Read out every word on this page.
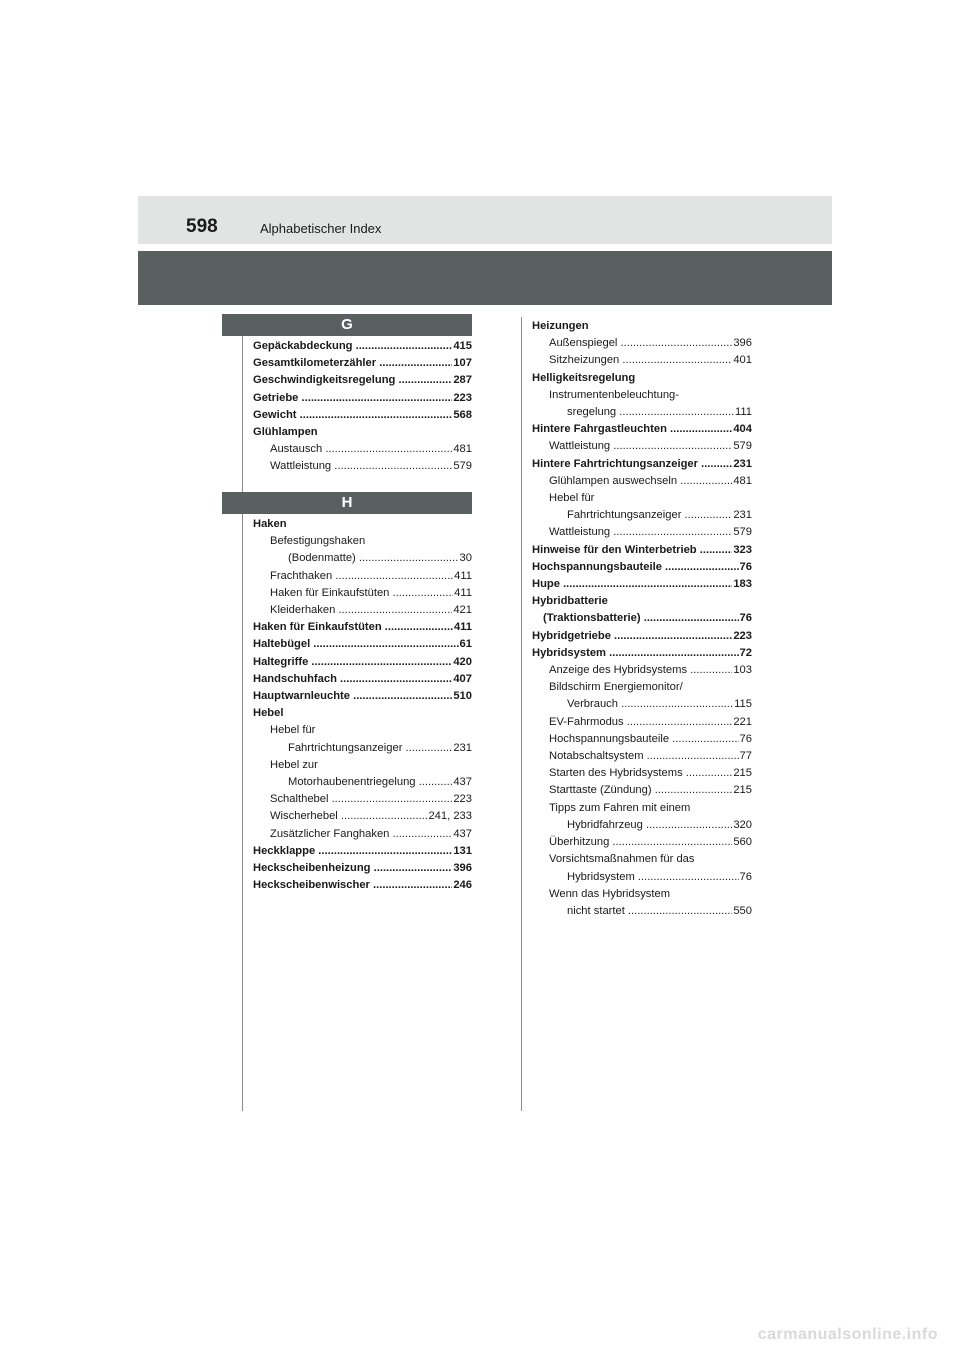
598	Alphabetischer Index
G
Gepäckabdeckung .....	415
Gesamtkilometerzähler .....	107
Geschwindigkeitsregelung .....	287
Getriebe .....	223
Gewicht .....	568
Glühlampen
Austausch .....	481
Wattleistung .....	579
H
Haken
Befestigungshaken
(Bodenmatte) .....	30
Frachthaken .....	411
Haken für Einkaufstüten .....	411
Kleiderhaken .....	421
Haken für Einkaufstüten .....	411
Haltebügel .....	61
Haltegriffe .....	420
Handschuhfach .....	407
Hauptwarnleuchte .....	510
Hebel
Hebel für
Fahrtrichtungsanzeiger .....	231
Hebel zur
Motorhaubenentriegelung .....	437
Schalthebel .....	223
Wischerhebel .....	241, 233
Zusätzlicher Fanghaken .....	437
Heckklappe .....	131
Heckscheibenheizung .....	396
Heckscheibenwischer .....	246
Heizungen
Außenspiegel .....	396
Sitzheizungen .....	401
Helligkeitsregelung
Instrumentenbeleuchtung-
sregelung .....	111
Hintere Fahrgastleuchten .....	404
Wattleistung .....	579
Hintere Fahrtrichtungsanzeiger .....	231
Glühlampen auswechseln .....	481
Hebel für
Fahrtrichtungsanzeiger .....	231
Wattleistung .....	579
Hinweise für den Winterbetrieb .....	323
Hochspannungsbauteile .....	76
Hupe .....	183
Hybridbatterie
(Traktionsbatterie) .....	76
Hybridgetriebe .....	223
Hybridsystem .....	72
Anzeige des Hybridsystems .....	103
Bildschirm Energiemonitor/
Verbrauch .....	115
EV-Fahrmodus .....	221
Hochspannungsbauteile .....	76
Notabschaltsystem .....	77
Starten des Hybridsystems .....	215
Starttaste (Zündung) .....	215
Tipps zum Fahren mit einem
Hybridfahrzeug .....	320
Überhitzung .....	560
Vorsichtsmaßnahmen für das
Hybridsystem .....	76
Wenn das Hybridsystem
nicht startet .....	550
carmanualsonline.info
